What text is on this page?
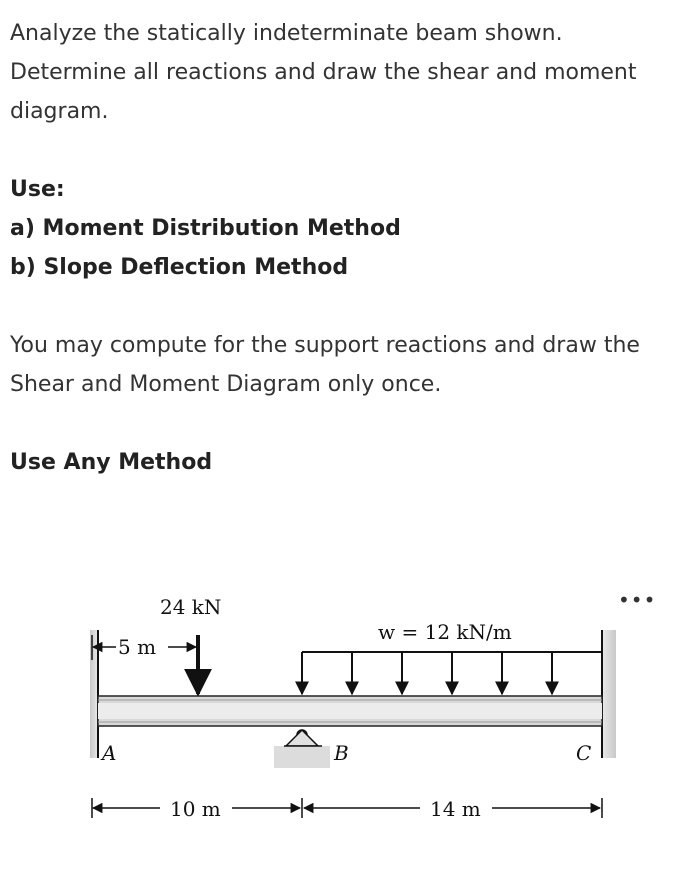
Analyze the statically indeterminate beam shown.

Determine all reactions and draw the shear and moment

diagram.

Use:

a) Moment Distribution Method

b) Slope Deflection Method

You may compute for the support reactions and draw the

Shear and Moment Diagram only once.

Use Any Method

•••
24 kN
w = 12 kN/m
5 m
A	B	C
10 m	14 m
